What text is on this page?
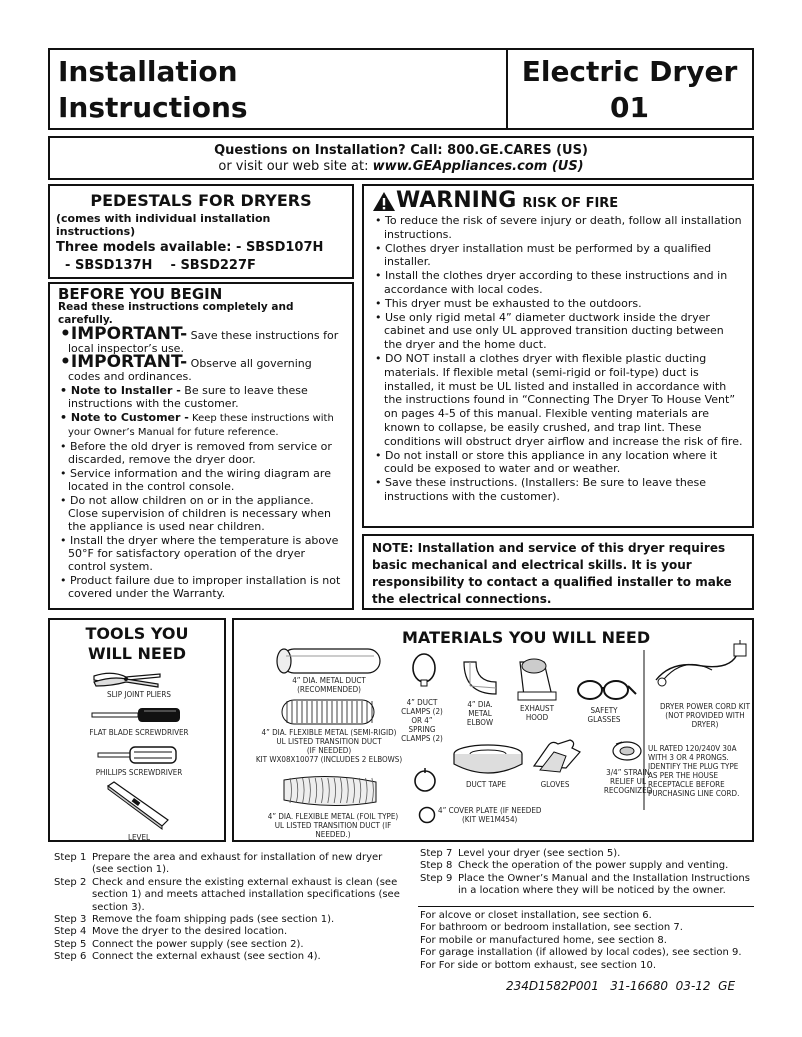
Installation
Instructions
Electric Dryer
01
Questions on Installation? Call: 800.GE.CARES (US)
or visit our web site at: www.GEAppliances.com (US)
PEDESTALS FOR DRYERS
(comes with individual installation instructions)
Three models available: - SBSD107H
- SBSD137H    - SBSD227F
BEFORE YOU BEGIN
Read these instructions completely and carefully.
•IMPORTANT- Save these instructions for local inspector’s use.
•IMPORTANT- Observe all governing codes and ordinances.
• Note to Installer - Be sure to leave these instructions with the customer.
• Note to Customer - Keep these instructions with your Owner’s Manual for future reference.
• Before the old dryer is removed from service or discarded, remove the dryer door.
• Service information and the wiring diagram are located in the control console.
• Do not allow children on or in the appliance. Close supervision of children is necessary when the appliance is used near children.
• Install the dryer where the temperature is above 50°F for satisfactory operation of the dryer control system.
• Product failure due to improper installation is not covered under the Warranty.
WARNING RISK OF FIRE
• To reduce the risk of severe injury or death, follow all installation instructions.
• Clothes dryer installation must be performed by a qualified installer.
• Install the clothes dryer according to these instructions and in accordance with local codes.
• This dryer must be exhausted to the outdoors.
• Use only rigid metal 4” diameter ductwork inside the dryer cabinet and use only UL approved transition ducting between the dryer and the home duct.
• DO NOT install a clothes dryer with flexible plastic ducting materials. If flexible metal (semi-rigid or foil-type) duct is installed, it must be UL listed and installed in accordance with the instructions found in “Connecting The Dryer To House Vent” on pages 4-5 of this manual. Flexible venting materials are known to collapse, be easily crushed, and trap lint. These conditions will obstruct dryer airflow and increase the risk of fire.
• Do not install or store this appliance in any location where it could be exposed to water and or weather.
• Save these instructions. (Installers: Be sure to leave these instructions with the customer).
NOTE: Installation and service of this dryer requires basic mechanical and electrical skills. It is your responsibility to contact a qualified installer to make the electrical connections.
TOOLS YOU
WILL NEED
SLIP JOINT PLIERS
FLAT BLADE SCREWDRIVER
PHILLIPS SCREWDRIVER
LEVEL
MATERIALS YOU WILL NEED
4” DIA. METAL DUCT (RECOMMENDED)
4” DIA. FLEXIBLE METAL (SEMI-RIGID)
UL LISTED TRANSITION DUCT
(IF NEEDED)
KIT WX08X10077 (INCLUDES 2 ELBOWS)
4” DIA. FLEXIBLE METAL (FOIL TYPE)
UL LISTED TRANSITION DUCT (IF NEEDED.)
4” DUCT CLAMPS (2) OR 4” SPRING CLAMPS (2)
4” DIA. METAL ELBOW
EXHAUST HOOD
SAFETY GLASSES
DUCT TAPE	GLOVES
3/4” STRAIN RELIEF UL RECOGNIZED
4” COVER PLATE (IF NEEDED
(KIT WE1M454)
DRYER POWER CORD KIT (NOT PROVIDED WITH DRYER)
UL RATED 120/240V 30A WITH 3 OR 4 PRONGS. IDENTIFY THE PLUG TYPE AS PER THE HOUSE RECEPTACLE BEFORE PURCHASING LINE CORD.
Step 1 Prepare the area and exhaust for installation of new dryer
(see section 1).
Step 2 Check and ensure the existing external exhaust is clean (see
section 1) and meets attached installation specifications (see
section 3).
Step 3 Remove the foam shipping pads (see section 1).
Step 4 Move the dryer to the desired location.
Step 5 Connect the power supply (see section 2).
Step 6 Connect the external exhaust (see section 4).
Step 7 Level your dryer (see section 5).
Step 8 Check the operation of the power supply and venting.
Step 9 Place the Owner’s Manual and the Installation Instructions
in a location where they will be noticed by the owner.
For alcove or closet installation, see section 6.
For bathroom or bedroom installation, see section 7.
For mobile or manufactured home, see section 8.
For garage installation (if allowed by local codes), see section 9.
For For side or bottom exhaust, see section 10.
234D1582P001   31-16680  03-12  GE
